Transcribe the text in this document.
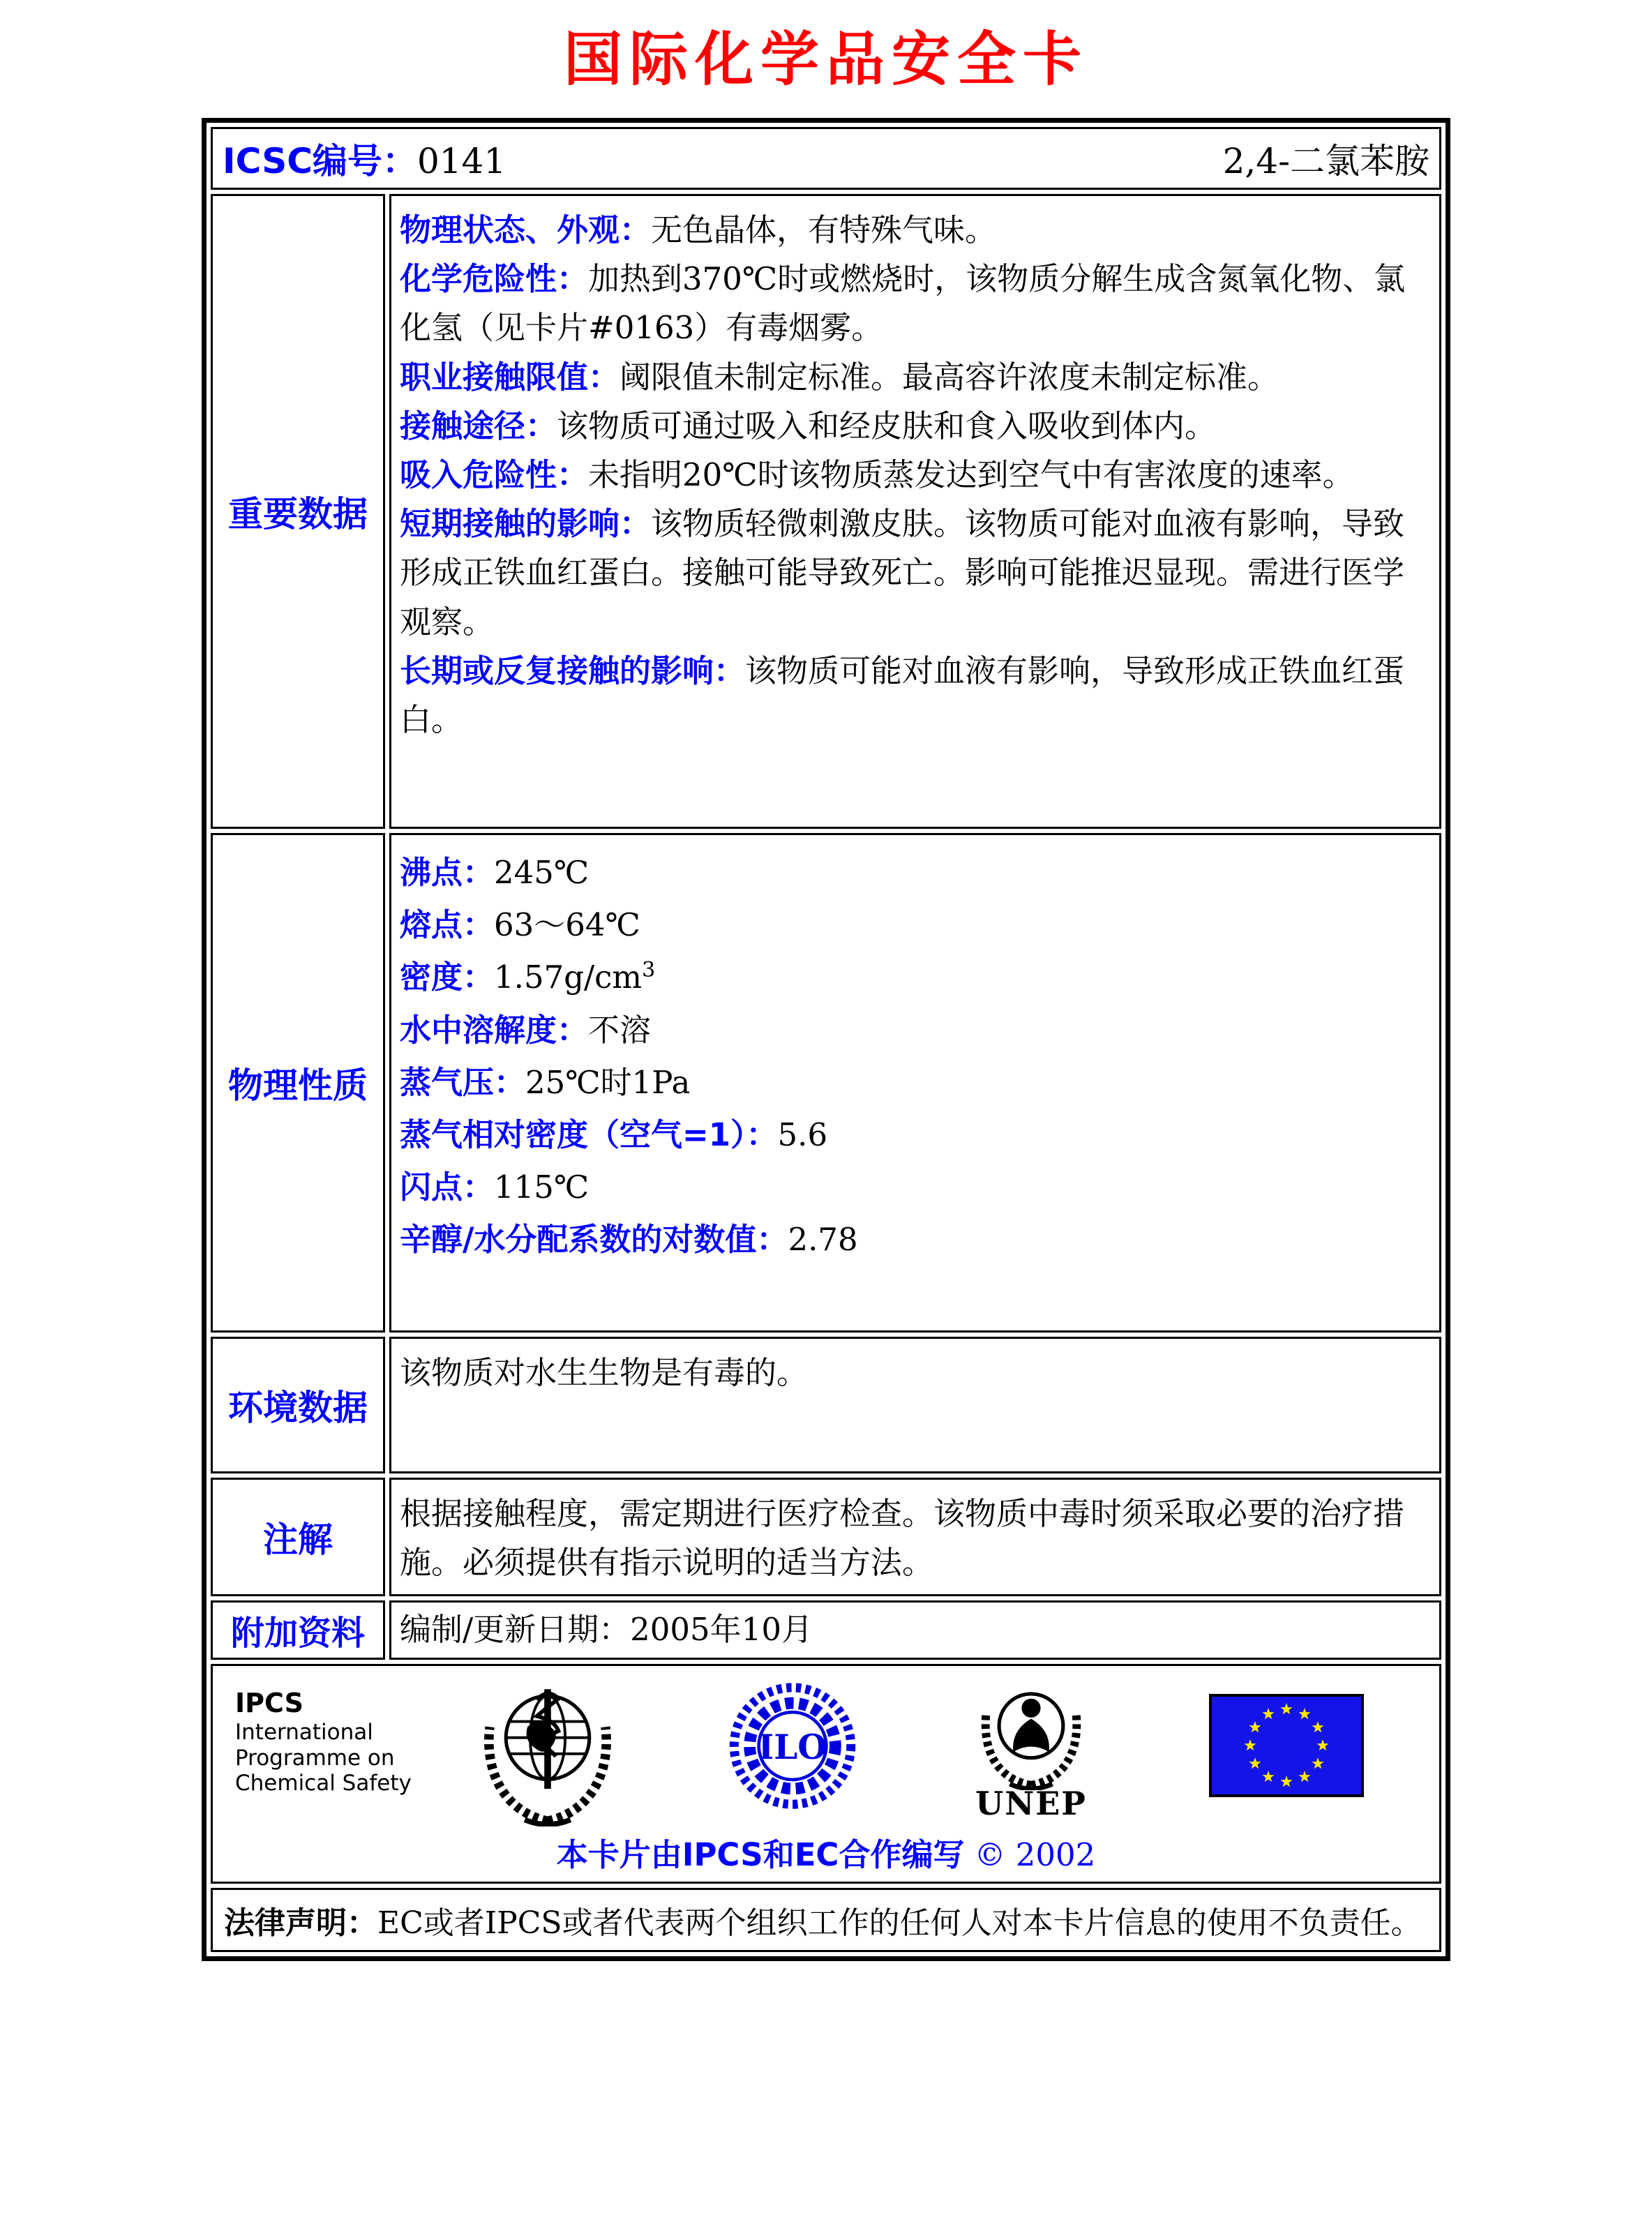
国际化学品安全卡
ICSC编号：0141	2,4-二氯苯胺
重要数据

物理状态、外观：无色晶体，有特殊气味。

化学危险性：加热到370℃时或燃烧时，该物质分解生成含氮氧化物、氯化氢（见卡片#0163）有毒烟雾。

职业接触限值：阈限值未制定标准。最高容许浓度未制定标准。

接触途径：该物质可通过吸入和经皮肤和食入吸收到体内。

吸入危险性：未指明20℃时该物质蒸发达到空气中有害浓度的速率。

短期接触的影响：该物质轻微刺激皮肤。该物质可能对血液有影响，导致形成正铁血红蛋白。接触可能导致死亡。影响可能推迟显现。需进行医学观察。

长期或反复接触的影响：该物质可能对血液有影响，导致形成正铁血红蛋白。

物理性质

沸点：245℃

熔点：63～64℃

密度：$1.57g/cm^3$

水中溶解度：不溶

蒸气压：25℃时1Pa

蒸气相对密度（空气=1）：5.6

闪点：115℃

辛醇/水分配系数的对数值：2.78

环境数据

该物质对水生生物是有毒的。

注解

根据接触程度，需定期进行医疗检查。该物质中毒时须采取必要的治疗措施。必须提供有指示说明的适当方法。

附加资料	编制/更新日期：2005年10月

IPCS
International
Programme on
Chemical Safety
ILO
UNEP
本卡片由IPCS和EC合作编写 © 2002
法律声明： EC或者IPCS或者代表两个组织工作的任何人对本卡片信息的使用不负责任。
